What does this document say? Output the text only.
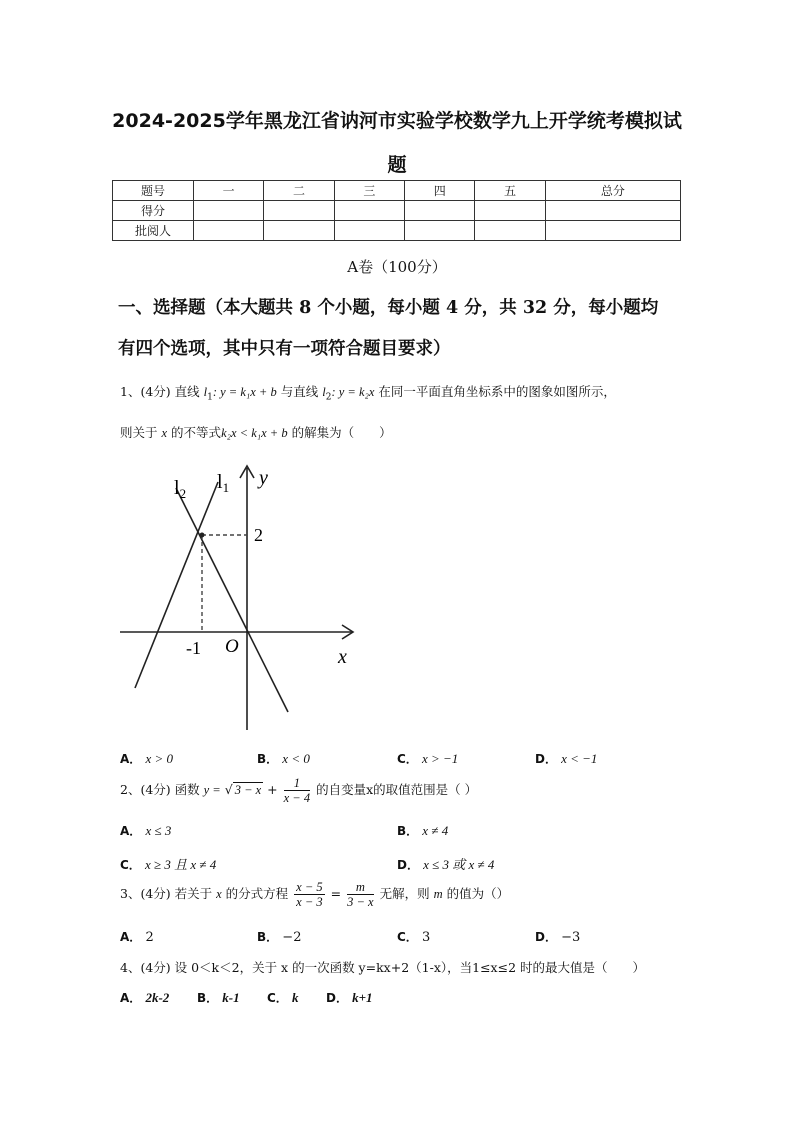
2024-2025学年黑龙江省讷河市实验学校数学九上开学统考模拟试
题
题号	一	二	三	四	五	总分
得分						
批阅人						
A卷（100分）
一、选择题（本大题共 8 个小题，每小题 4 分，共 32 分，每小题均
有四个选项，其中只有一项符合题目要求）
1、(4分) 直线 $l_1$: y = k₁x + b 与直线 $l_2$: y = k₂x 在同一平面直角坐标系中的图象如图所示，
则关于 x 的不等式k₂x < k₁x + b 的解集为（　　）
$l_2$
$l_1$ y
x
O
-1
2
A． x > 0	B． x < 0	C． x > −1	D． x < −1
2、(4分) 函数 y = √ $3 - x + \frac{1}{x - 4}$ 的自变量x的取值范围是（ ）
A． x ≤ 3	B． x ≠ 4
C． x ≥ 3 且 x ≠ 4	D． x ≤ 3 或 x ≠ 4
3、(4分) 若关于 x 的分式方程 $\frac{x - 5}{x - 3} = \frac{m}{3 - x}$ 无解，则 m 的值为（）
A． 2	B． −2	C． 3	D． −3
4、(4分) 设 0＜k＜2，关于 x 的一次函数 y=kx+2（1-x），当1≤x≤2 时的最大值是（　　）
A． 2k-2 B． k-1 C． k D． k+1
